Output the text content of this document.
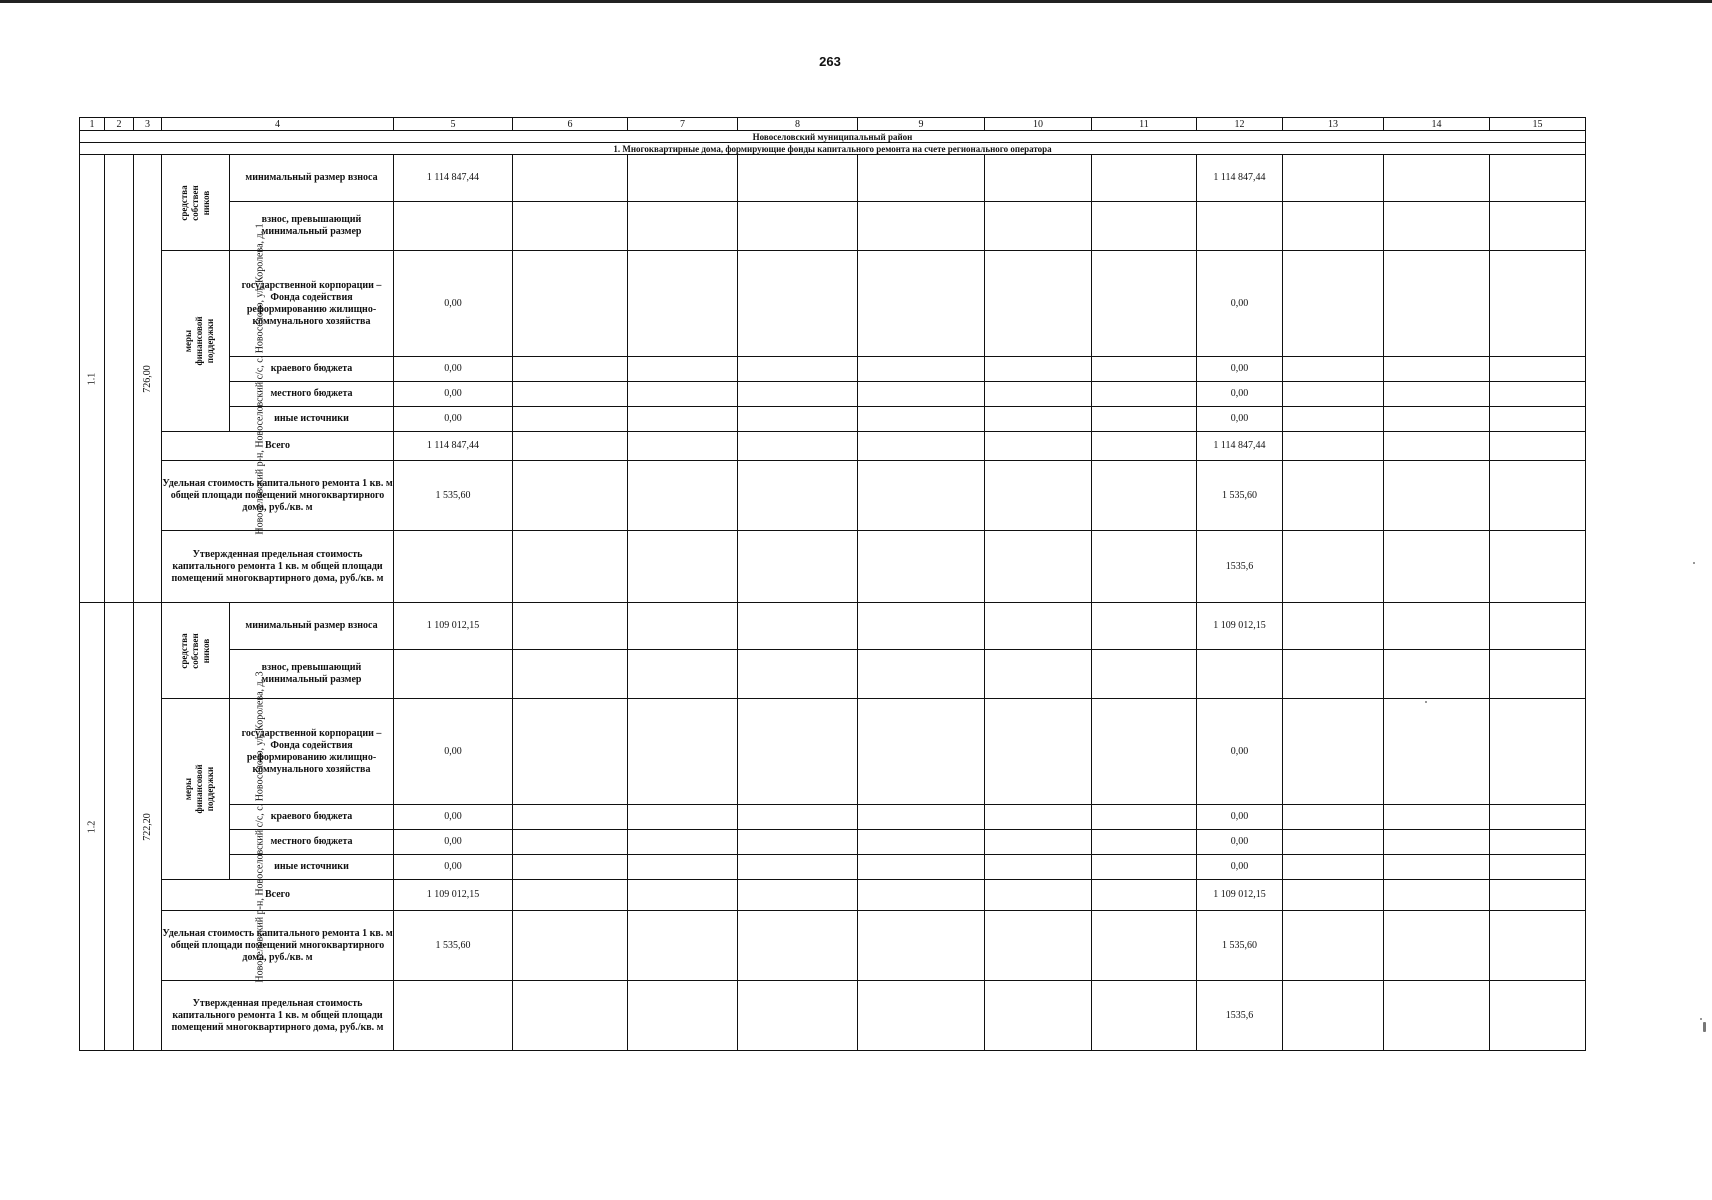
263
1	2	3	4		5	6	7	8	9	10	11	12	13	14	15
Новоселовский муниципальный район															
1. Многоквартирные дома, формирующие фонды капитального ремонта на счете регионального оператора															
1.1	Новоселовский р-н, Новоселовский с/с, с. Новоселово, ул. Королева, д. 1	726,00	средства собствен ников	минимальный размер взноса	1 114 847,44							1 114 847,44			
				взнос, превышающий минимальный размер											
			меры финансовой поддержки	государственной корпорации – Фонда содействия реформированию жилищно-коммунального хозяйства	0,00							0,00			
				краевого бюджета	0,00							0,00			
				местного бюджета	0,00							0,00			
				иные источники	0,00							0,00			
			Всего		1 114 847,44							1 114 847,44			
			Удельная стоимость капитального ремонта 1 кв. м общей площади помещений многоквартирного дома, руб./кв. м		1 535,60							1 535,60			
			Утвержденная предельная стоимость капитального ремонта 1 кв. м общей площади помещений многоквартирного дома, руб./кв. м									1535,6			
1.2	Новоселовский р-н, Новоселовский с/с, с. Новоселово, ул. Королева, д. 3	722,20	средства собствен ников	минимальный размер взноса	1 109 012,15							1 109 012,15			
				взнос, превышающий минимальный размер											
			меры финансовой поддержки	государственной корпорации – Фонда содействия реформированию жилищно-коммунального хозяйства	0,00							0,00			
				краевого бюджета	0,00							0,00			
				местного бюджета	0,00							0,00			
				иные источники	0,00							0,00			
			Всего		1 109 012,15							1 109 012,15			
			Удельная стоимость капитального ремонта 1 кв. м общей площади помещений многоквартирного дома, руб./кв. м		1 535,60							1 535,60			
			Утвержденная предельная стоимость капитального ремонта 1 кв. м общей площади помещений многоквартирного дома, руб./кв. м									1535,6			
